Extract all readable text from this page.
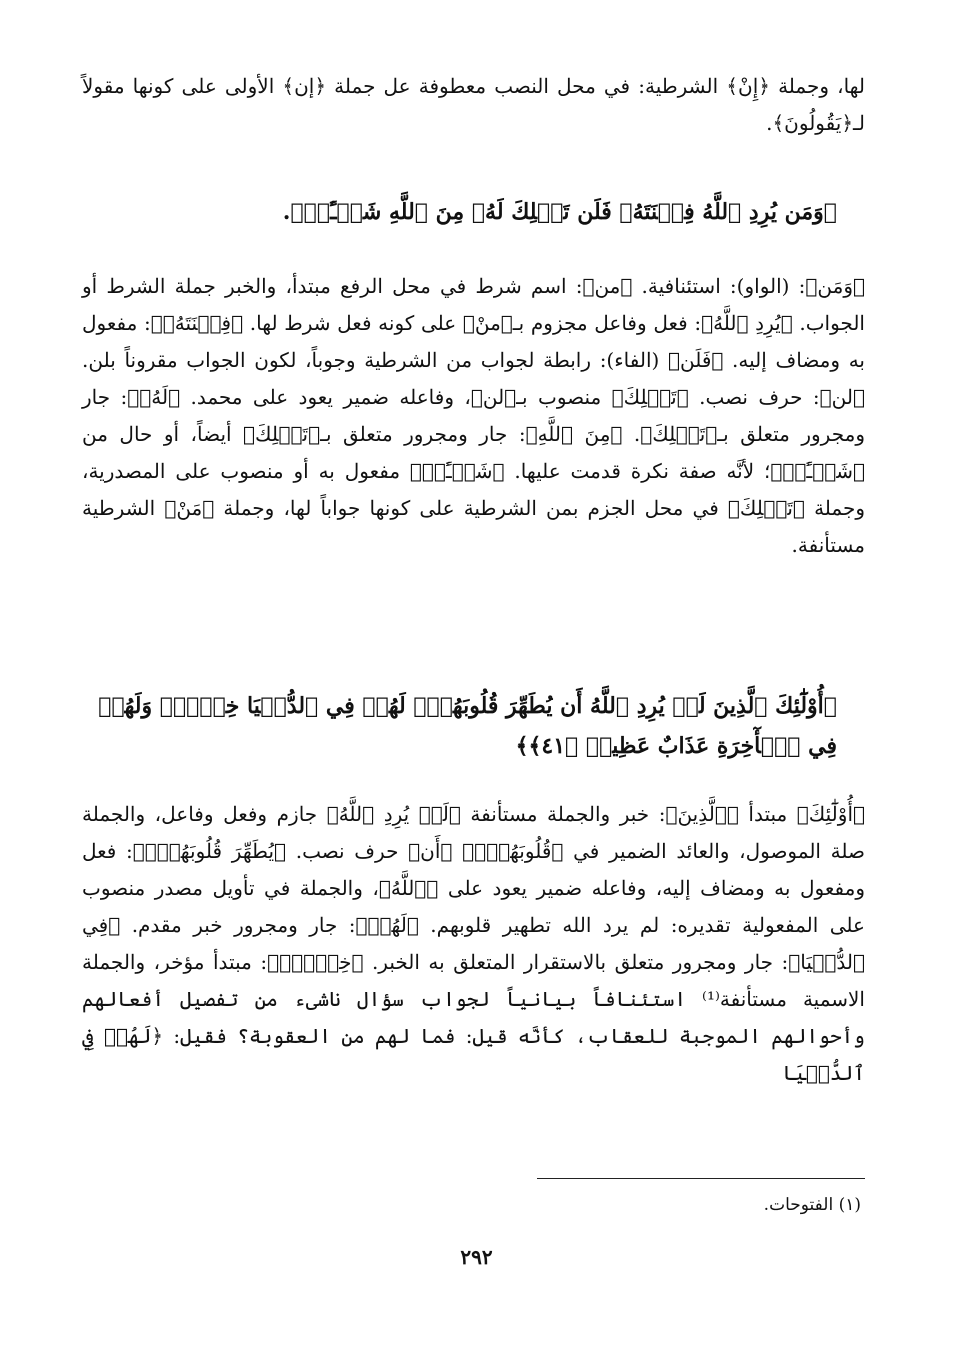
لها، وجملة ﴿إِنْ﴾ الشرطية: في محل النصب معطوفة عل جملة ﴿إن﴾ الأولى على كونها مقولاً لـ﴿يَقُولُونَ﴾.

﴿وَمَن يُرِدِ ٱللَّهُ فِتۡنَتَهُۥ فَلَن تَمۡلِكَ لَهُۥ مِنَ ٱللَّهِ شَيۡـًٔاۚ﴾.

﴿وَمَن﴾: (الواو): استئنافية. ﴿من﴾: اسم شرط في محل الرفع مبتدأ، والخبر جملة الشرط أو الجواب. ﴿يُرِدِ ٱللَّهُ﴾: فعل وفاعل مجزوم بـ﴿منْ﴾ على كونه فعل شرط لها. ﴿فِتۡنَتَهُۥ﴾: مفعول به ومضاف إليه. ﴿فَلَن﴾ (الفاء): رابطة لجواب من الشرطية وجوباً، لكون الجواب مقروناً بلن. ﴿لن﴾: حرف نصب. ﴿تَمۡلِكَ﴾ منصوب بـ﴿لن﴾، وفاعله ضمير يعود على محمد. ﴿لَهُۥ﴾: جار ومجرور متعلق بـ﴿تَمۡلِكَ﴾. ﴿مِنَ ٱللَّهِ﴾: جار ومجرور متعلق بـ﴿تَمۡلِكَ﴾ أيضاً، أو حال من ﴿شَيۡـًٔاۚ﴾؛ لأنَّه صفة نكرة قدمت عليها. ﴿شَيۡـًٔاۚ﴾ مفعول به أو منصوب على المصدرية، وجملة ﴿تَمۡلِكَ﴾ في محل الجزم بمن الشرطية على كونها جواباً لها، وجملة ﴿مَنْ﴾ الشرطية مستأنفة.

﴿أُوْلَٰٓئِكَ ٱلَّذِينَ لَمۡ يُرِدِ ٱللَّهُ أَن يُطَهِّرَ قُلُوبَهُمۡۚ لَهُمۡ فِي ٱلدُّنۡيَا خِزۡيٞۖ وَلَهُمۡ فِي ٱلۡأٓخِرَةِ عَذَابٌ عَظِيمٞ ﴿٤١﴾﴾

﴿أُوْلَٰٓئِكَ﴾ مبتدأ ﴿ٱلَّذِينَ﴾: خبر والجملة مستأنفة ﴿لَمۡ يُرِدِ ٱللَّهُ﴾ جازم وفعل وفاعل، والجملة صلة الموصول، والعائد الضمير في ﴿قُلُوبَهُمۡۚ﴾ ﴿أَن﴾ حرف نصب. ﴿يُطَهِّرَ قُلُوبَهُمۡۚ﴾: فعل ومفعول به ومضاف إليه، وفاعله ضمير يعود على ﴿ٱللَّهُ﴾، والجملة في تأويل مصدر منصوب على المفعولية تقديره: لم يرد الله تطهير قلوبهم. ﴿لَهُمۡ﴾: جار ومجرور خبر مقدم. ﴿فِي ٱلدُّنۡيَا﴾: جار ومجرور متعلق بالاستقرار المتعلق به الخبر. ﴿خِزۡيٞۖ﴾: مبتدأ مؤخر، والجملة الاسمية مستأنفة⁽¹⁾ استئنافاً بيانياً لجواب سؤال ناشىء من تفصيل أفعالهم وأحوالهم الموجبة للعقاب، كأنَّه قيل: فما لهم من العقوبة؟ فقيل: ﴿لَهُمۡ فِي ٱلدُّنۡيَا

(١) الفتوحات.
٢٩٢
